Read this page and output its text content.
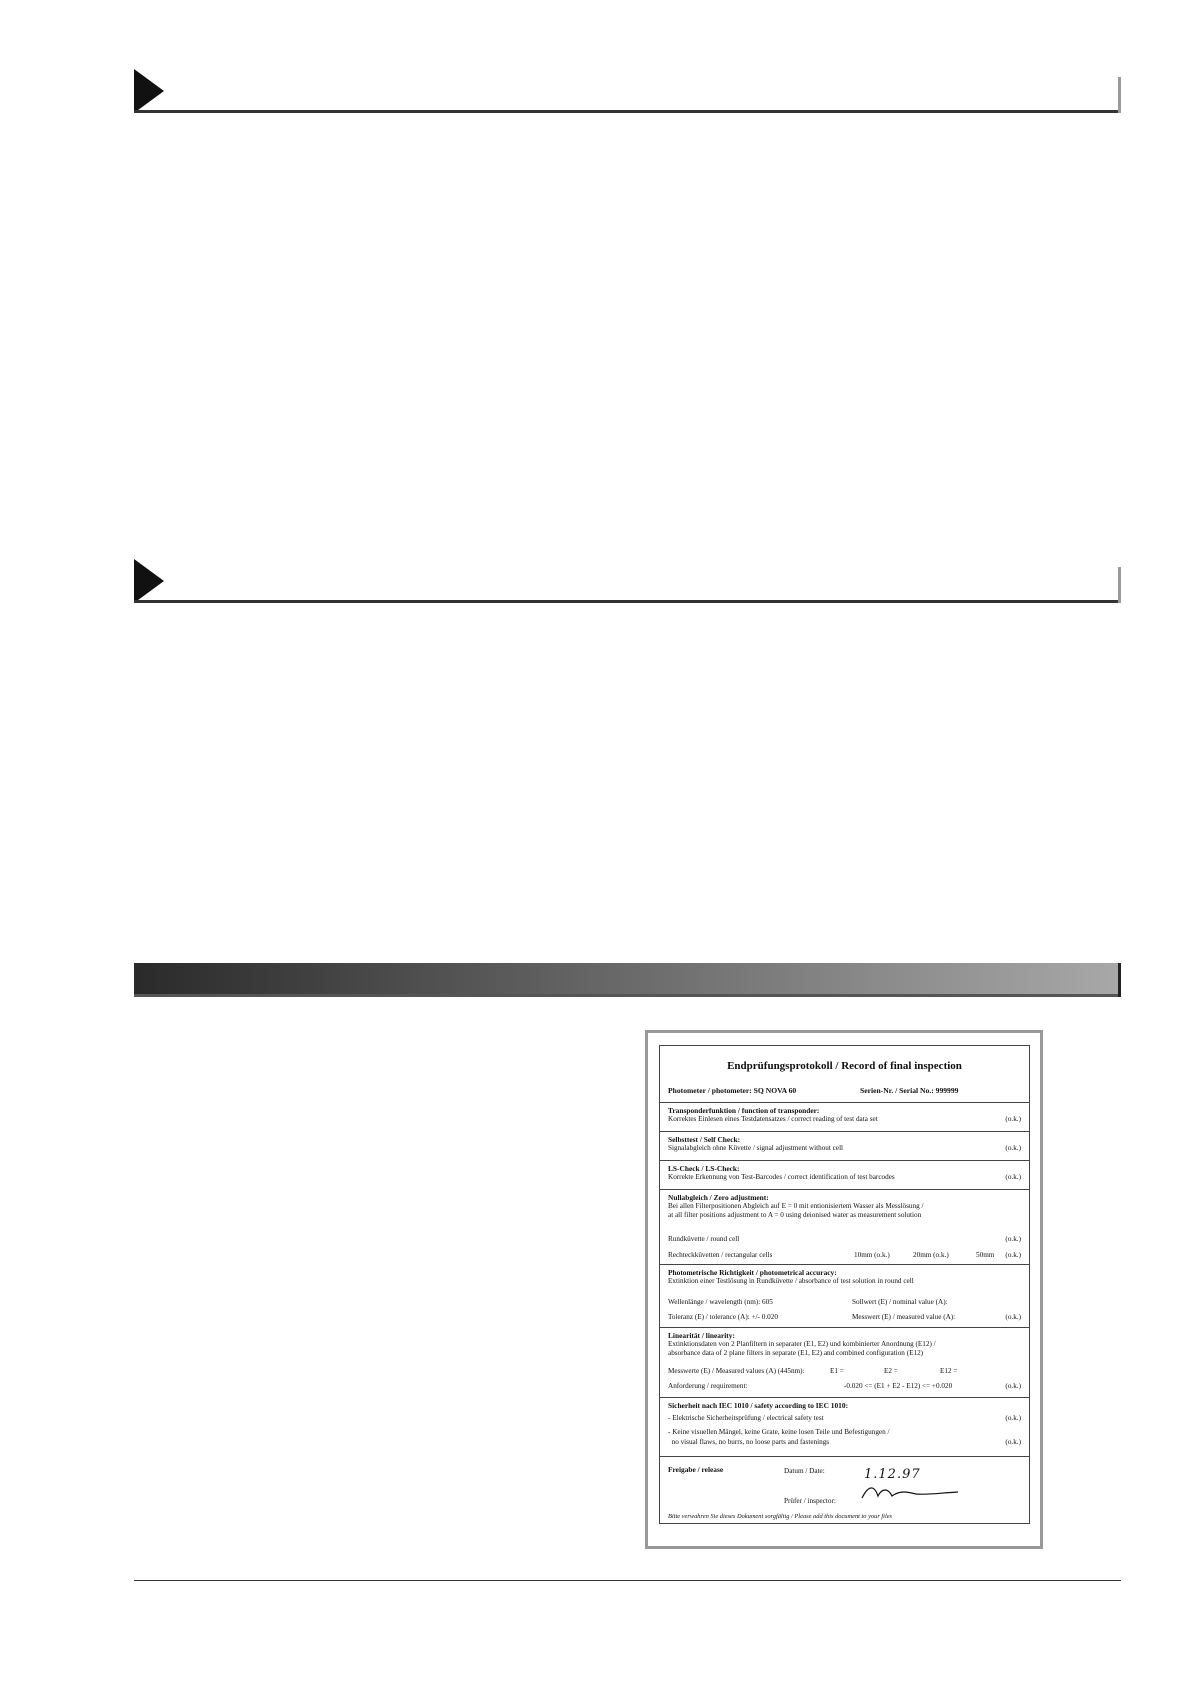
Endprüfungsprotokoll / Record of final inspection
Photometer / photometer: SQ NOVA 60	Serien-Nr. / Serial No.: 999999
Transponderfunktion / function of transponder:
Korrektes Einlesen eines Testdatensatzes / correct reading of test data set	(o.k.)
Selbsttest / Self Check:
Signalabgleich ohne Küvette / signal adjustment without cell	(o.k.)
LS-Check / LS-Check:
Korrekte Erkennung von Test-Barcodes / correct identification of test barcodes	(o.k.)
Nullabgleich / Zero adjustment:
Bei allen Filterpositionen Abgleich auf E = 0 mit entionisiertem Wasser als Messlösung /
at all filter positions adjustment to A = 0 using deionised water as measurement solution
Rundküvette / round cell	(o.k.)
Rechteckküvetten / rectangular cells	10mm (o.k.)	20mm (o.k.)	50mm (o.k.)
Photometrische Richtigkeit / photometrical accuracy:
Extinktion einer Testlösung in Rundküvette / absorbance of test solution in round cell
Wellenlänge / wavelength (nm): 605	Sollwert (E) / nominal value (A):
Toleranz (E) / tolerance (A): +/- 0.020	Messwert (E) / measured value (A):	(o.k.)
Linearität / linearity:
Extinktionsdaten von 2 Planfiltern in separater (E1, E2) und kombinierter Anordnung (E12) /
absorbance data of 2 plane filters in separate (E1, E2) and combined configuration (E12)
Messwerte (E) / Measured values (A) (445nm):	E1 =	E2 =	E12 =
Anforderung / requirement:	-0.020 <= (E1 + E2 - E12) <= +0.020	(o.k.)
Sicherheit nach IEC 1010 / safety according to IEC 1010:
- Elektrische Sicherheitsprüfung / electrical safety test	(o.k.)
- Keine visuellen Mängel, keine Grate, keine losen Teile und Befestigungen /
no visual flaws, no burrs, no loose parts and fastenings	(o.k.)
Freigabe / release	Datum / Date:	1.12.97
Prüfer / inspector:
Bitte verwahren Sie dieses Dokument sorgfältig / Please add this document to your files
